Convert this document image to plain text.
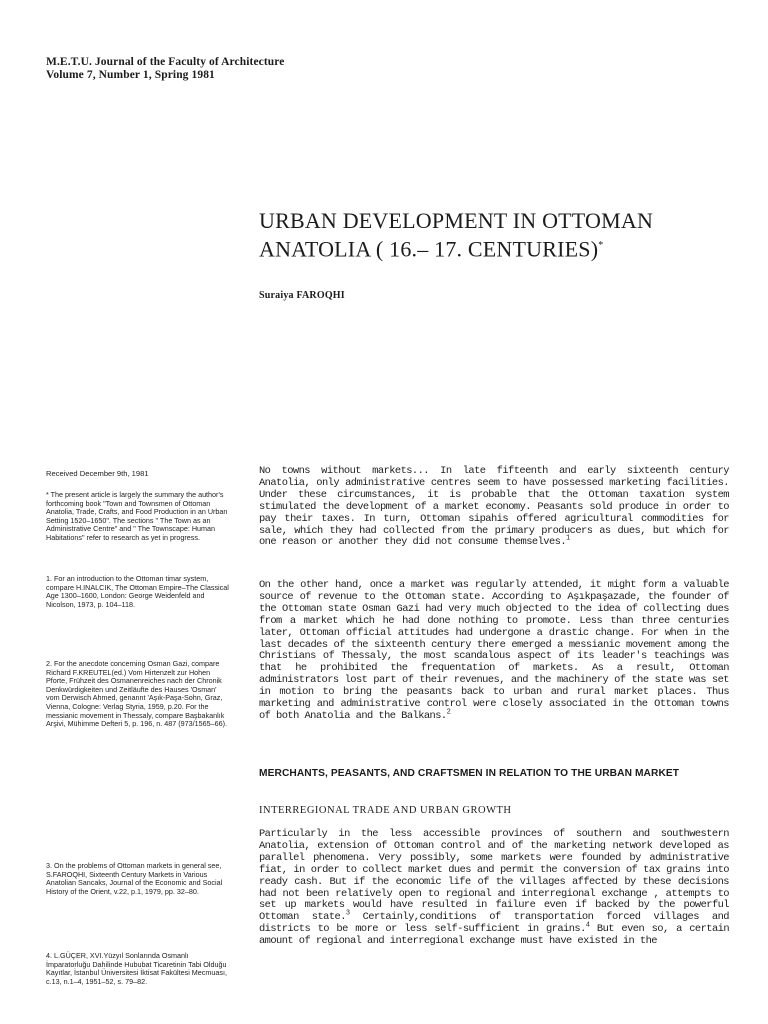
M.E.T.U. Journal of the Faculty of Architecture
Volume 7, Number 1, Spring 1981
URBAN DEVELOPMENT IN OTTOMAN ANATOLIA ( 16.– 17. CENTURIES)*
Suraiya FAROQHI
Received December 9th, 1981

* The present article is largely the summary the author's forthcoming book "Town and Townsmen of Ottoman Anatolia, Trade, Crafts, and Food Production in an Urban Setting 1520–1650". The sections " The Town as an Administrative Centre" and " The Townscape: Human Habitations" refer to research as yet in progress.

1. For an introduction to the Ottoman timar system, compare H.INALCIK, The Ottoman Empire–The Classical Age 1300–1600, London: George Weidenfeld and Nicolson, 1973, p. 104–118.

2. For the anecdote concerning Osman Gazi, compare Richard F.KREUTEL(ed.) Vom Hirtenzelt zur Hohen Pforte, Frühzeit des Osmanenreiches nach der Chronik Denkwürdigkeiten und Zeitläufte des Hauses 'Osman' vom Derwisch Ahmed, genannt 'Aşık-Paşa-Sohn, Graz, Vienna, Cologne: Verlag Styria, 1959, p.20. For the messianic movement in Thessaly, compare Başbakanlık Arşivi, Mühimme Defteri 5, p. 196, n. 487 (973/1565–66).

3. On the problems of Ottoman markets in general see, S.FAROQHI, Sixteenth Century Markets in Various Anatolian Sancaks, Journal of the Economic and Social History of the Orient, v.22, p.1, 1979, pp. 32–80.

4. L.GÜÇER, XVI.Yüzyıl Sonlarında Osmanlı İmparatorluğu Dahilinde Hububat Ticaretinin Tabi Olduğu Kayıtlar, İstanbul Üniversitesi İktisat Fakültesi Mecmuası, c.13, n.1–4, 1951–52, s. 79–82.

No towns without markets... In late fifteenth and early sixteenth century Anatolia, only administrative centres seem to have possessed marketing facilities. Under these circumstances, it is probable that the Ottoman taxation system stimulated the development of a market economy. Peasants sold produce in order to pay their taxes. In turn, Ottoman sipahis offered agricultural commodities for sale, which they had collected from the primary producers as dues, but which for one reason or another they did not consume themselves.$^1$

On the other hand, once a market was regularly attended, it might form a valuable source of revenue to the Ottoman state. According to Aşıkpaşazade, the founder of the Ottoman state Osman Gazi had very much objected to the idea of collecting dues from a market which he had done nothing to promote. Less than three centuries later, Ottoman official attitudes had undergone a drastic change. For when in the last decades of the sixteenth century there emerged a messianic movement among the Christians of Thessaly, the most scandalous aspect of its leader's teachings was that he prohibited the frequentation of markets. As a result, Ottoman administrators lost part of their revenues, and the machinery of the state was set in motion to bring the peasants back to urban and rural market places. Thus marketing and administrative control were closely associated in the Ottoman towns of both Anatolia and the Balkans.$^2$

MERCHANTS, PEASANTS, AND CRAFTSMEN IN RELATION TO THE URBAN MARKET
INTERREGIONAL TRADE AND URBAN GROWTH

Particularly in the less accessible provinces of southern and southwestern Anatolia, extension of Ottoman control and of the marketing network developed as parallel phenomena. Very possibly, some markets were founded by administrative fiat, in order to collect market dues and permit the conversion of tax grains into ready cash. But if the economic life of the villages affected by these decisions had not been relatively open to regional and interregional exchange , attempts to set up markets would have resulted in failure even if backed by the powerful Ottoman state.$^3$ Certainly,conditions of transportation forced villages and districts to be more or less self-sufficient in grains.$^4$ But even so, a certain amount of regional and interregional exchange must have existed in the
